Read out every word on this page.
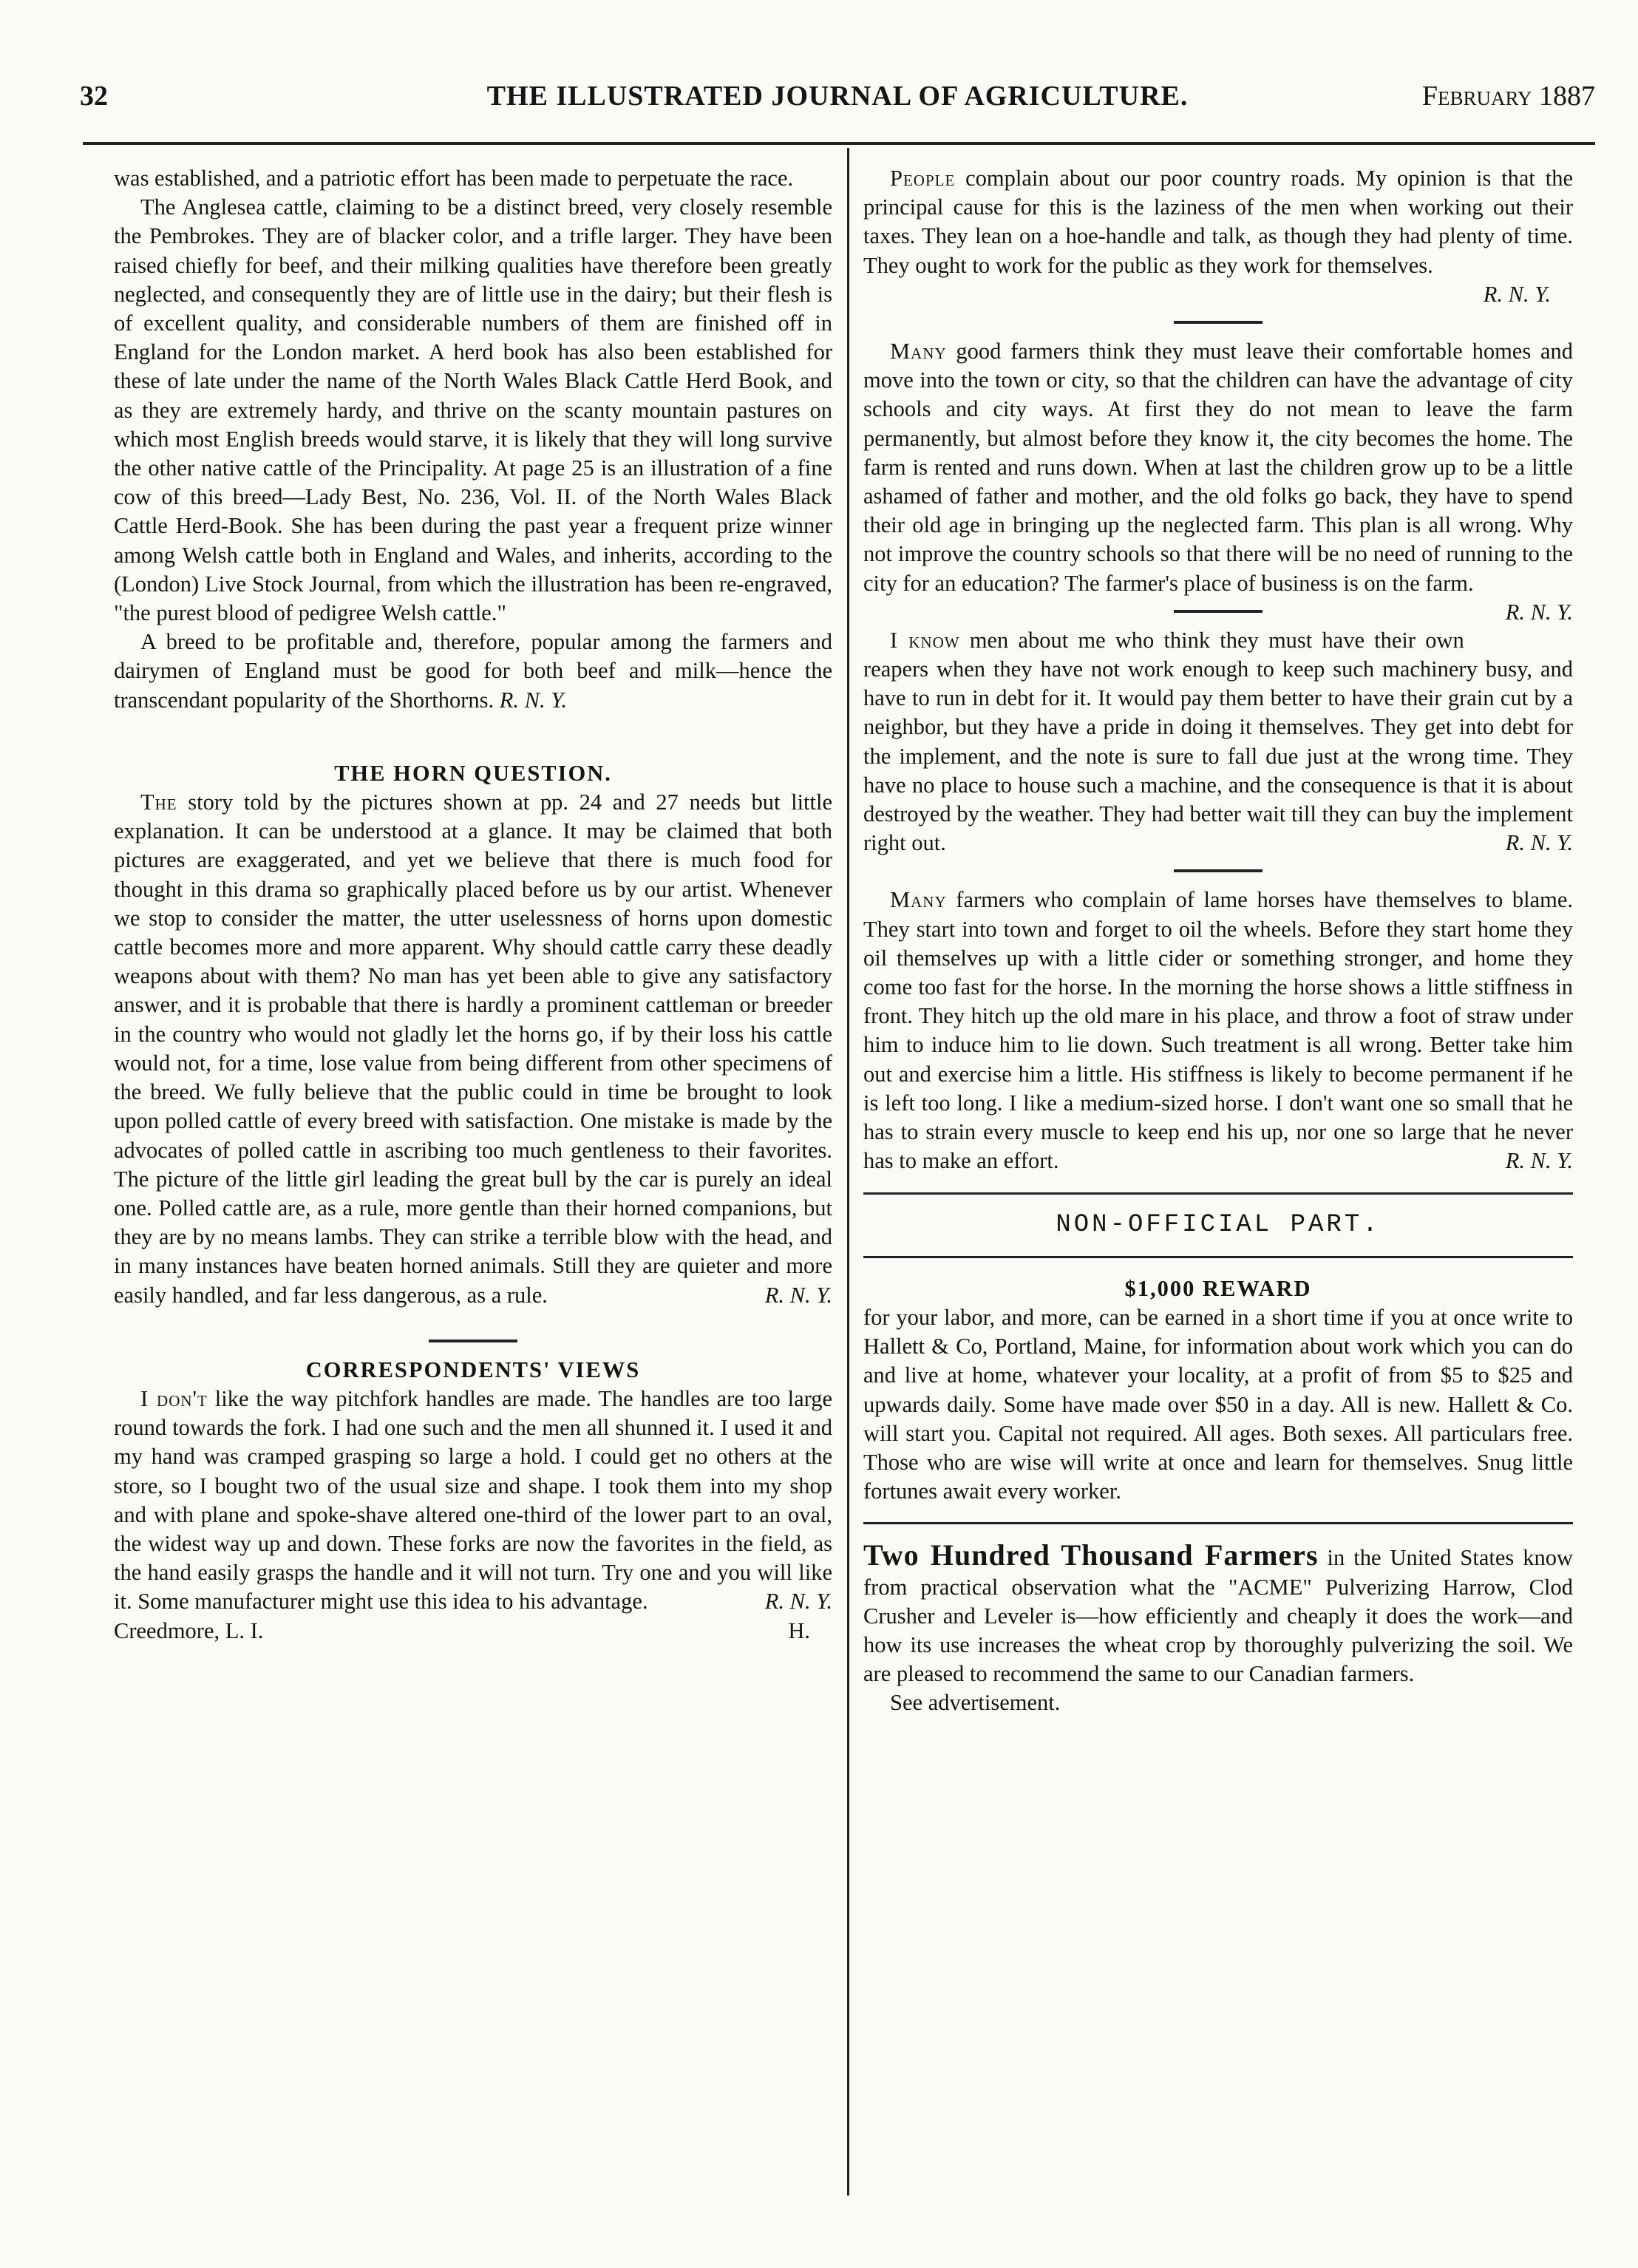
32	THE ILLUSTRATED JOURNAL OF AGRICULTURE.	February 1887

was established, and a patriotic effort has been made to perpetuate the race.

The Anglesea cattle, claiming to be a distinct breed, very closely resemble the Pembrokes. They are of blacker color, and a trifle larger. They have been raised chiefly for beef, and their milking qualities have therefore been greatly neglected, and consequently they are of little use in the dairy; but their flesh is of excellent quality, and considerable numbers of them are finished off in England for the London market. A herd book has also been established for these of late under the name of the North Wales Black Cattle Herd Book, and as they are extremely hardy, and thrive on the scanty mountain pastures on which most English breeds would starve, it is likely that they will long survive the other native cattle of the Principality. At page 25 is an illustration of a fine cow of this breed—Lady Best, No. 236, Vol. II. of the North Wales Black Cattle Herd-Book. She has been during the past year a frequent prize winner among Welsh cattle both in England and Wales, and inherits, according to the (London) Live Stock Journal, from which the illustration has been re-engraved, "the purest blood of pedigree Welsh cattle."

A breed to be profitable and, therefore, popular among the farmers and dairymen of England must be good for both beef and milk—hence the transcendant popularity of the Shorthorns. R. N. Y.

THE HORN QUESTION.

The story told by the pictures shown at pp. 24 and 27 needs but little explanation. It can be understood at a glance. It may be claimed that both pictures are exaggerated, and yet we believe that there is much food for thought in this drama so graphically placed before us by our artist. Whenever we stop to consider the matter, the utter uselessness of horns upon domestic cattle becomes more and more apparent. Why should cattle carry these deadly weapons about with them? No man has yet been able to give any satisfactory answer, and it is probable that there is hardly a prominent cattleman or breeder in the country who would not gladly let the horns go, if by their loss his cattle would not, for a time, lose value from being different from other specimens of the breed. We fully believe that the public could in time be brought to look upon polled cattle of every breed with satisfaction. One mistake is made by the advocates of polled cattle in ascribing too much gentleness to their favorites. The picture of the little girl leading the great bull by the car is purely an ideal one. Polled cattle are, as a rule, more gentle than their horned companions, but they are by no means lambs. They can strike a terrible blow with the head, and in many instances have beaten horned animals. Still they are quieter and more easily handled, and far less dangerous, as a rule.	R. N. Y.

CORRESPONDENTS' VIEWS

I don't like the way pitchfork handles are made. The handles are too large round towards the fork. I had one such and the men all shunned it. I used it and my hand was cramped grasping so large a hold. I could get no others at the store, so I bought two of the usual size and shape. I took them into my shop and with plane and spoke-shave altered one-third of the lower part to an oval, the widest way up and down. These forks are now the favorites in the field, as the hand easily grasps the handle and it will not turn. Try one and you will like it. Some manufacturer might use this idea to his advantage.	R. N. Y.

Creedmore, L. I.	H.

People complain about our poor country roads. My opinion is that the principal cause for this is the laziness of the men when working out their taxes. They lean on a hoe-handle and talk, as though they had plenty of time. They ought to work for the public as they work for themselves.

R. N. Y.

Many good farmers think they must leave their comfortable homes and move into the town or city, so that the children can have the advantage of city schools and city ways. At first they do not mean to leave the farm permanently, but almost before they know it, the city becomes the home. The farm is rented and runs down. When at last the children grow up to be a little ashamed of father and mother, and the old folks go back, they have to spend their old age in bringing up the neglected farm. This plan is all wrong. Why not improve the country schools so that there will be no need of running to the city for an education? The farmer's place of business is on the farm.
R. N. Y.

I know men about me who think they must have their own reapers when they have not work enough to keep such machinery busy, and have to run in debt for it. It would pay them better to have their grain cut by a neighbor, but they have a pride in doing it themselves. They get into debt for the implement, and the note is sure to fall due just at the wrong time. They have no place to house such a machine, and the consequence is that it is about destroyed by the weather. They had better wait till they can buy the implement right out.	R. N. Y.

Many farmers who complain of lame horses have themselves to blame. They start into town and forget to oil the wheels. Before they start home they oil themselves up with a little cider or something stronger, and home they come too fast for the horse. In the morning the horse shows a little stiffness in front. They hitch up the old mare in his place, and throw a foot of straw under him to induce him to lie down. Such treatment is all wrong. Better take him out and exercise him a little. His stiffness is likely to become permanent if he is left too long. I like a medium-sized horse. I don't want one so small that he has to strain every muscle to keep end his up, nor one so large that he never has to make an effort.	R. N. Y.

NON-OFFICIAL PART.
$1,000 REWARD

for your labor, and more, can be earned in a short time if you at once write to Hallett & Co, Portland, Maine, for information about work which you can do and live at home, whatever your locality, at a profit of from $5 to $25 and upwards daily. Some have made over $50 in a day. All is new. Hallett & Co. will start you. Capital not required. All ages. Both sexes. All particulars free. Those who are wise will write at once and learn for themselves. Snug little fortunes await every worker.

Two Hundred Thousand Farmers in the United States know from practical observation what the "ACME" Pulverizing Harrow, Clod Crusher and Leveler is—how efficiently and cheaply it does the work—and how its use increases the wheat crop by thoroughly pulverizing the soil. We are pleased to recommend the same to our Canadian farmers.

See advertisement.
